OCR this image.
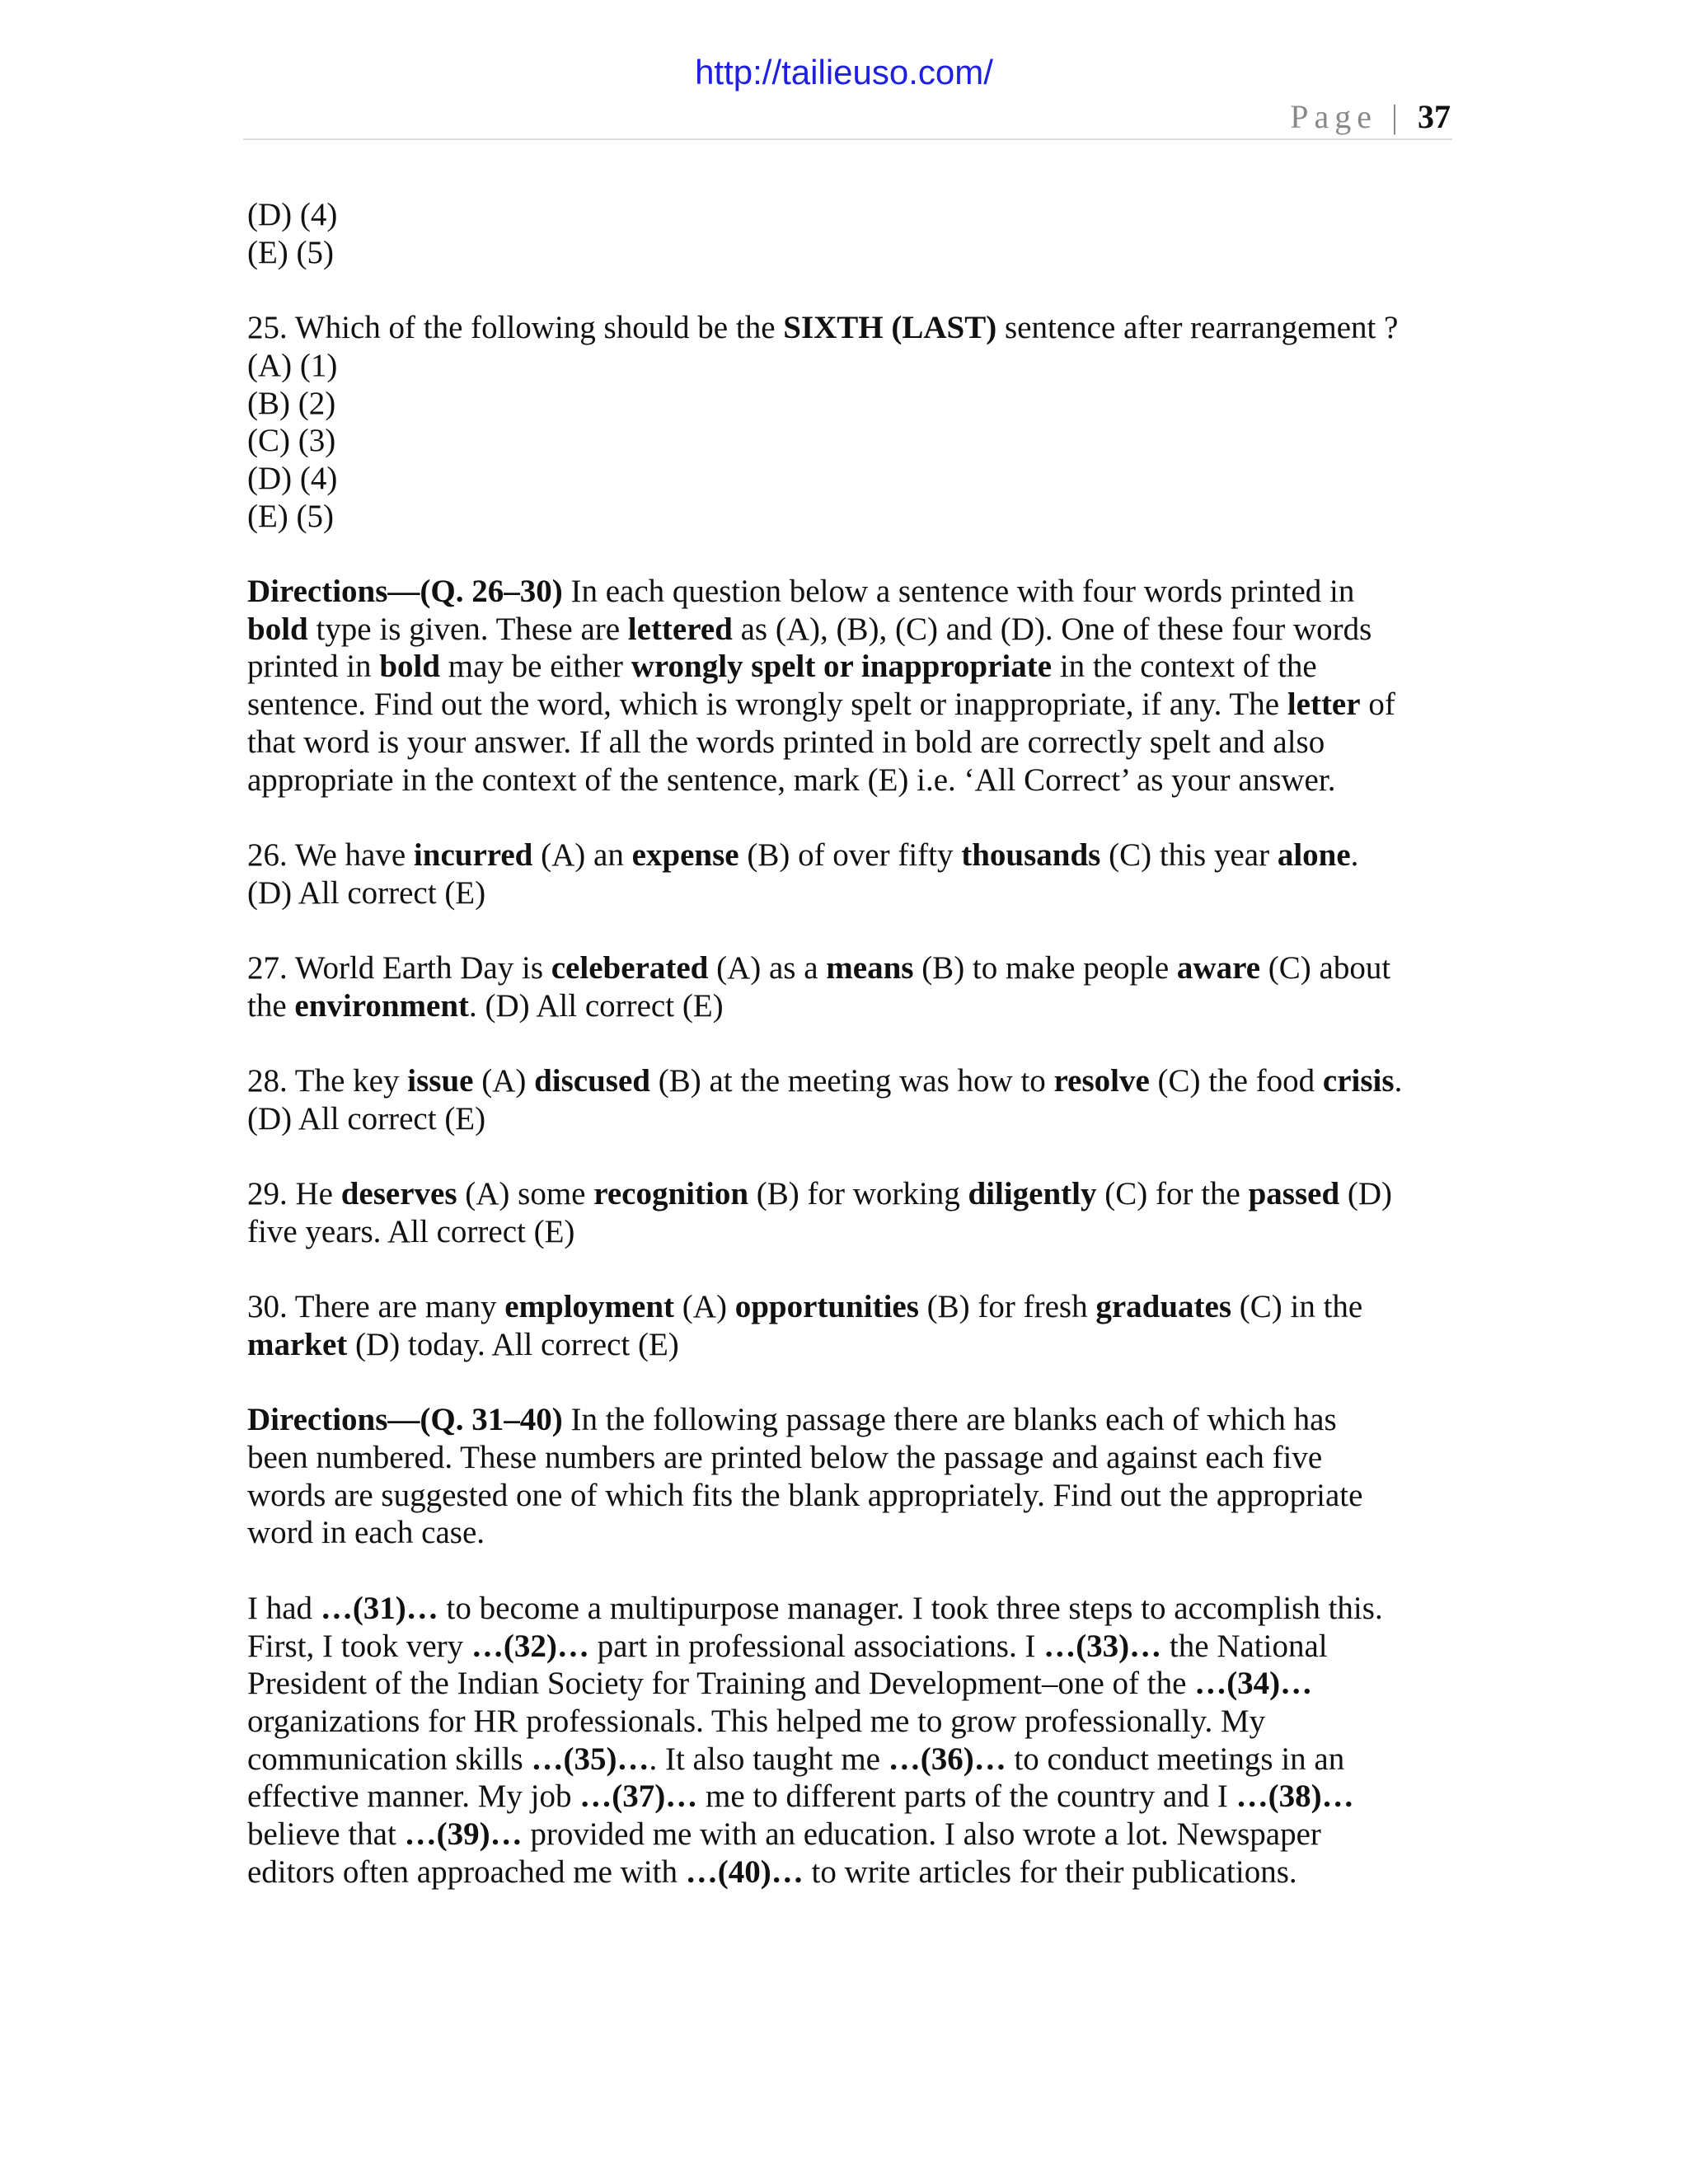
http://tailieuso.com/
Page | 37

(D) (4)

(E) (5)

25. Which of the following should be the SIXTH (LAST) sentence after rearrangement ?

(A) (1)

(B) (2)

(C) (3)

(D) (4)

(E) (5)

Directions—(Q. 26–30) In each question below a sentence with four words printed in

bold type is given. These are lettered as (A), (B), (C) and (D). One of these four words

printed in bold may be either wrongly spelt or inappropriate in the context of the

sentence. Find out the word, which is wrongly spelt or inappropriate, if any. The letter of

that word is your answer. If all the words printed in bold are correctly spelt and also

appropriate in the context of the sentence, mark (E) i.e. ‘All Correct’ as your answer.

26. We have incurred (A) an expense (B) of over fifty thousands (C) this year alone.

(D) All correct (E)

27. World Earth Day is celeberated (A) as a means (B) to make people aware (C) about

the environment. (D) All correct (E)

28. The key issue (A) discused (B) at the meeting was how to resolve (C) the food crisis.

(D) All correct (E)

29. He deserves (A) some recognition (B) for working diligently (C) for the passed (D)

five years. All correct (E)

30. There are many employment (A) opportunities (B) for fresh graduates (C) in the

market (D) today. All correct (E)

Directions—(Q. 31–40) In the following passage there are blanks each of which has

been numbered. These numbers are printed below the passage and against each five

words are suggested one of which fits the blank appropriately. Find out the appropriate

word in each case.

I had …(31)… to become a multipurpose manager. I took three steps to accomplish this.

First, I took very …(32)… part in professional associations. I …(33)… the National

President of the Indian Society for Training and Development–one of the …(34)…

organizations for HR professionals. This helped me to grow professionally. My

communication skills …(35)…. It also taught me …(36)… to conduct meetings in an

effective manner. My job …(37)… me to different parts of the country and I …(38)…

believe that …(39)… provided me with an education. I also wrote a lot. Newspaper

editors often approached me with …(40)… to write articles for their publications.
